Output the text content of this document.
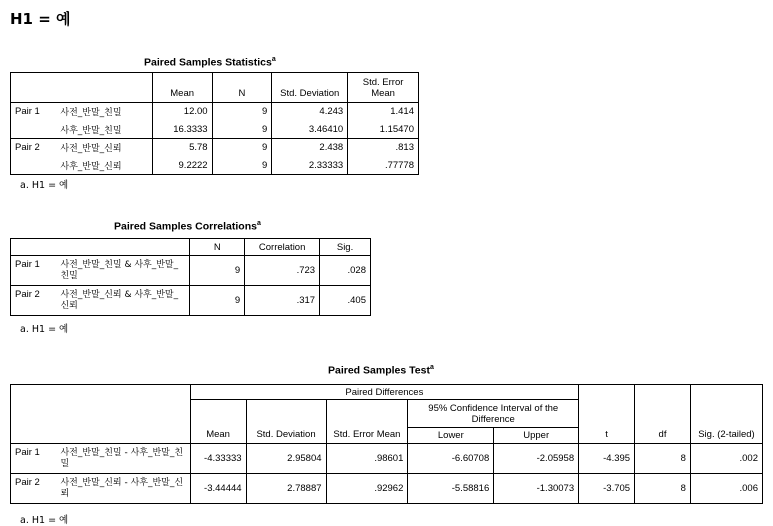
H1 = 예
Paired Samples Statistics$^a$
		Mean	N	Std. Deviation	Std. Error Mean
Pair 1	사전_반말_친밀	12.00	9	4.243	1.414
	사후_반말_친밀	16.3333	9	3.46410	1.15470
Pair 2	사전_반말_신뢰	5.78	9	2.438	.813
	사후_반말_신뢰	9.2222	9	2.33333	.77778
a. H1 = 예
Paired Samples Correlations$^a$
		N	Correlation	Sig.
Pair 1	사전_반말_친밀 & 사후_반말_친밀	9	.723	.028
Pair 2	사전_반말_신뢰 & 사후_반말_신뢰	9	.317	.405
a. H1 = 예
Paired Samples Test$^a$
		Paired Differences					t	df	Sig. (2-tailed)
		Mean	Std. Deviation	Std. Error Mean	95% Confidence Interval of the Difference				
					Lower	Upper			
Pair 1	사전_반말_친밀 - 사후_반말_친밀	-4.33333	2.95804	.98601	-6.60708	-2.05958	-4.395	8	.002
Pair 2	사전_반말_신뢰 - 사후_반말_신뢰	-3.44444	2.78887	.92962	-5.58816	-1.30073	-3.705	8	.006
a. H1 = 예
